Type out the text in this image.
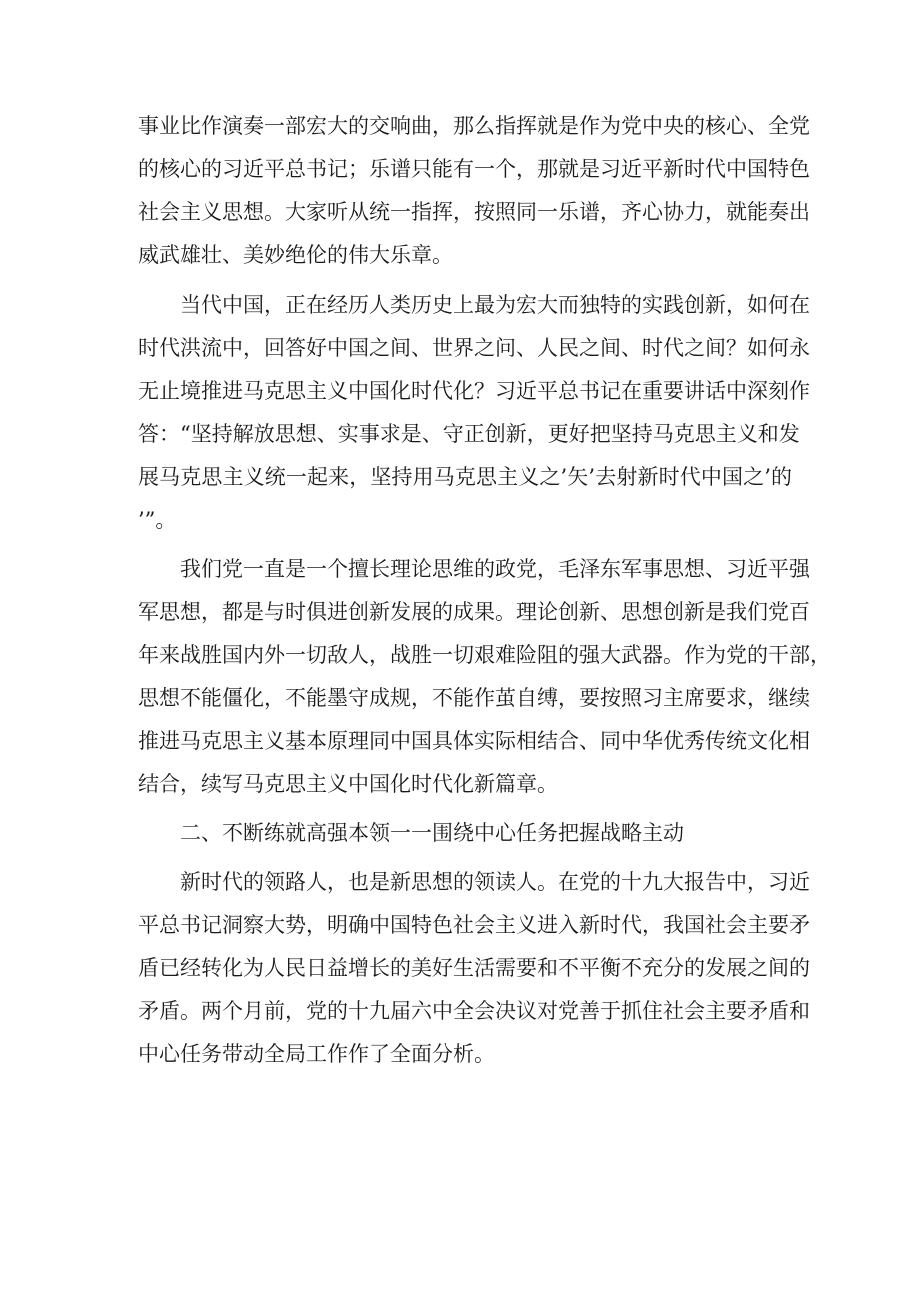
事业比作演奏一部宏大的交响曲，那么指挥就是作为党中央的核心、全党
的核心的习近平总书记；乐谱只能有一个，那就是习近平新时代中国特色
社会主义思想。大家听从统一指挥，按照同一乐谱，齐心协力，就能奏出
威武雄壮、美妙绝伦的伟大乐章。
当代中国，正在经历人类历史上最为宏大而独特的实践创新，如何在
时代洪流中，回答好中国之间、世界之问、人民之间、时代之间？如何永
无止境推进马克思主义中国化时代化？习近平总书记在重要讲话中深刻作
答：“坚持解放思想、实事求是、守正创新，更好把坚持马克思主义和发
展马克思主义统一起来，坚持用马克思主义之’矢’去射新时代中国之’的
’”。
我们党一直是一个擅长理论思维的政党，毛泽东军事思想、习近平强
军思想，都是与时俱进创新发展的成果。理论创新、思想创新是我们党百
年来战胜国内外一切敌人，战胜一切艰难险阻的强大武器。作为党的干部，
思想不能僵化，不能墨守成规，不能作茧自缚，要按照习主席要求，继续
推进马克思主义基本原理同中国具体实际相结合、同中华优秀传统文化相
结合，续写马克思主义中国化时代化新篇章。
二、不断练就高强本领一一围绕中心任务把握战略主动
新时代的领路人，也是新思想的领读人。在党的十九大报告中，习近
平总书记洞察大势，明确中国特色社会主义进入新时代，我国社会主要矛
盾已经转化为人民日益增长的美好生活需要和不平衡不充分的发展之间的
矛盾。两个月前，党的十九届六中全会决议对党善于抓住社会主要矛盾和
中心任务带动全局工作作了全面分析。
